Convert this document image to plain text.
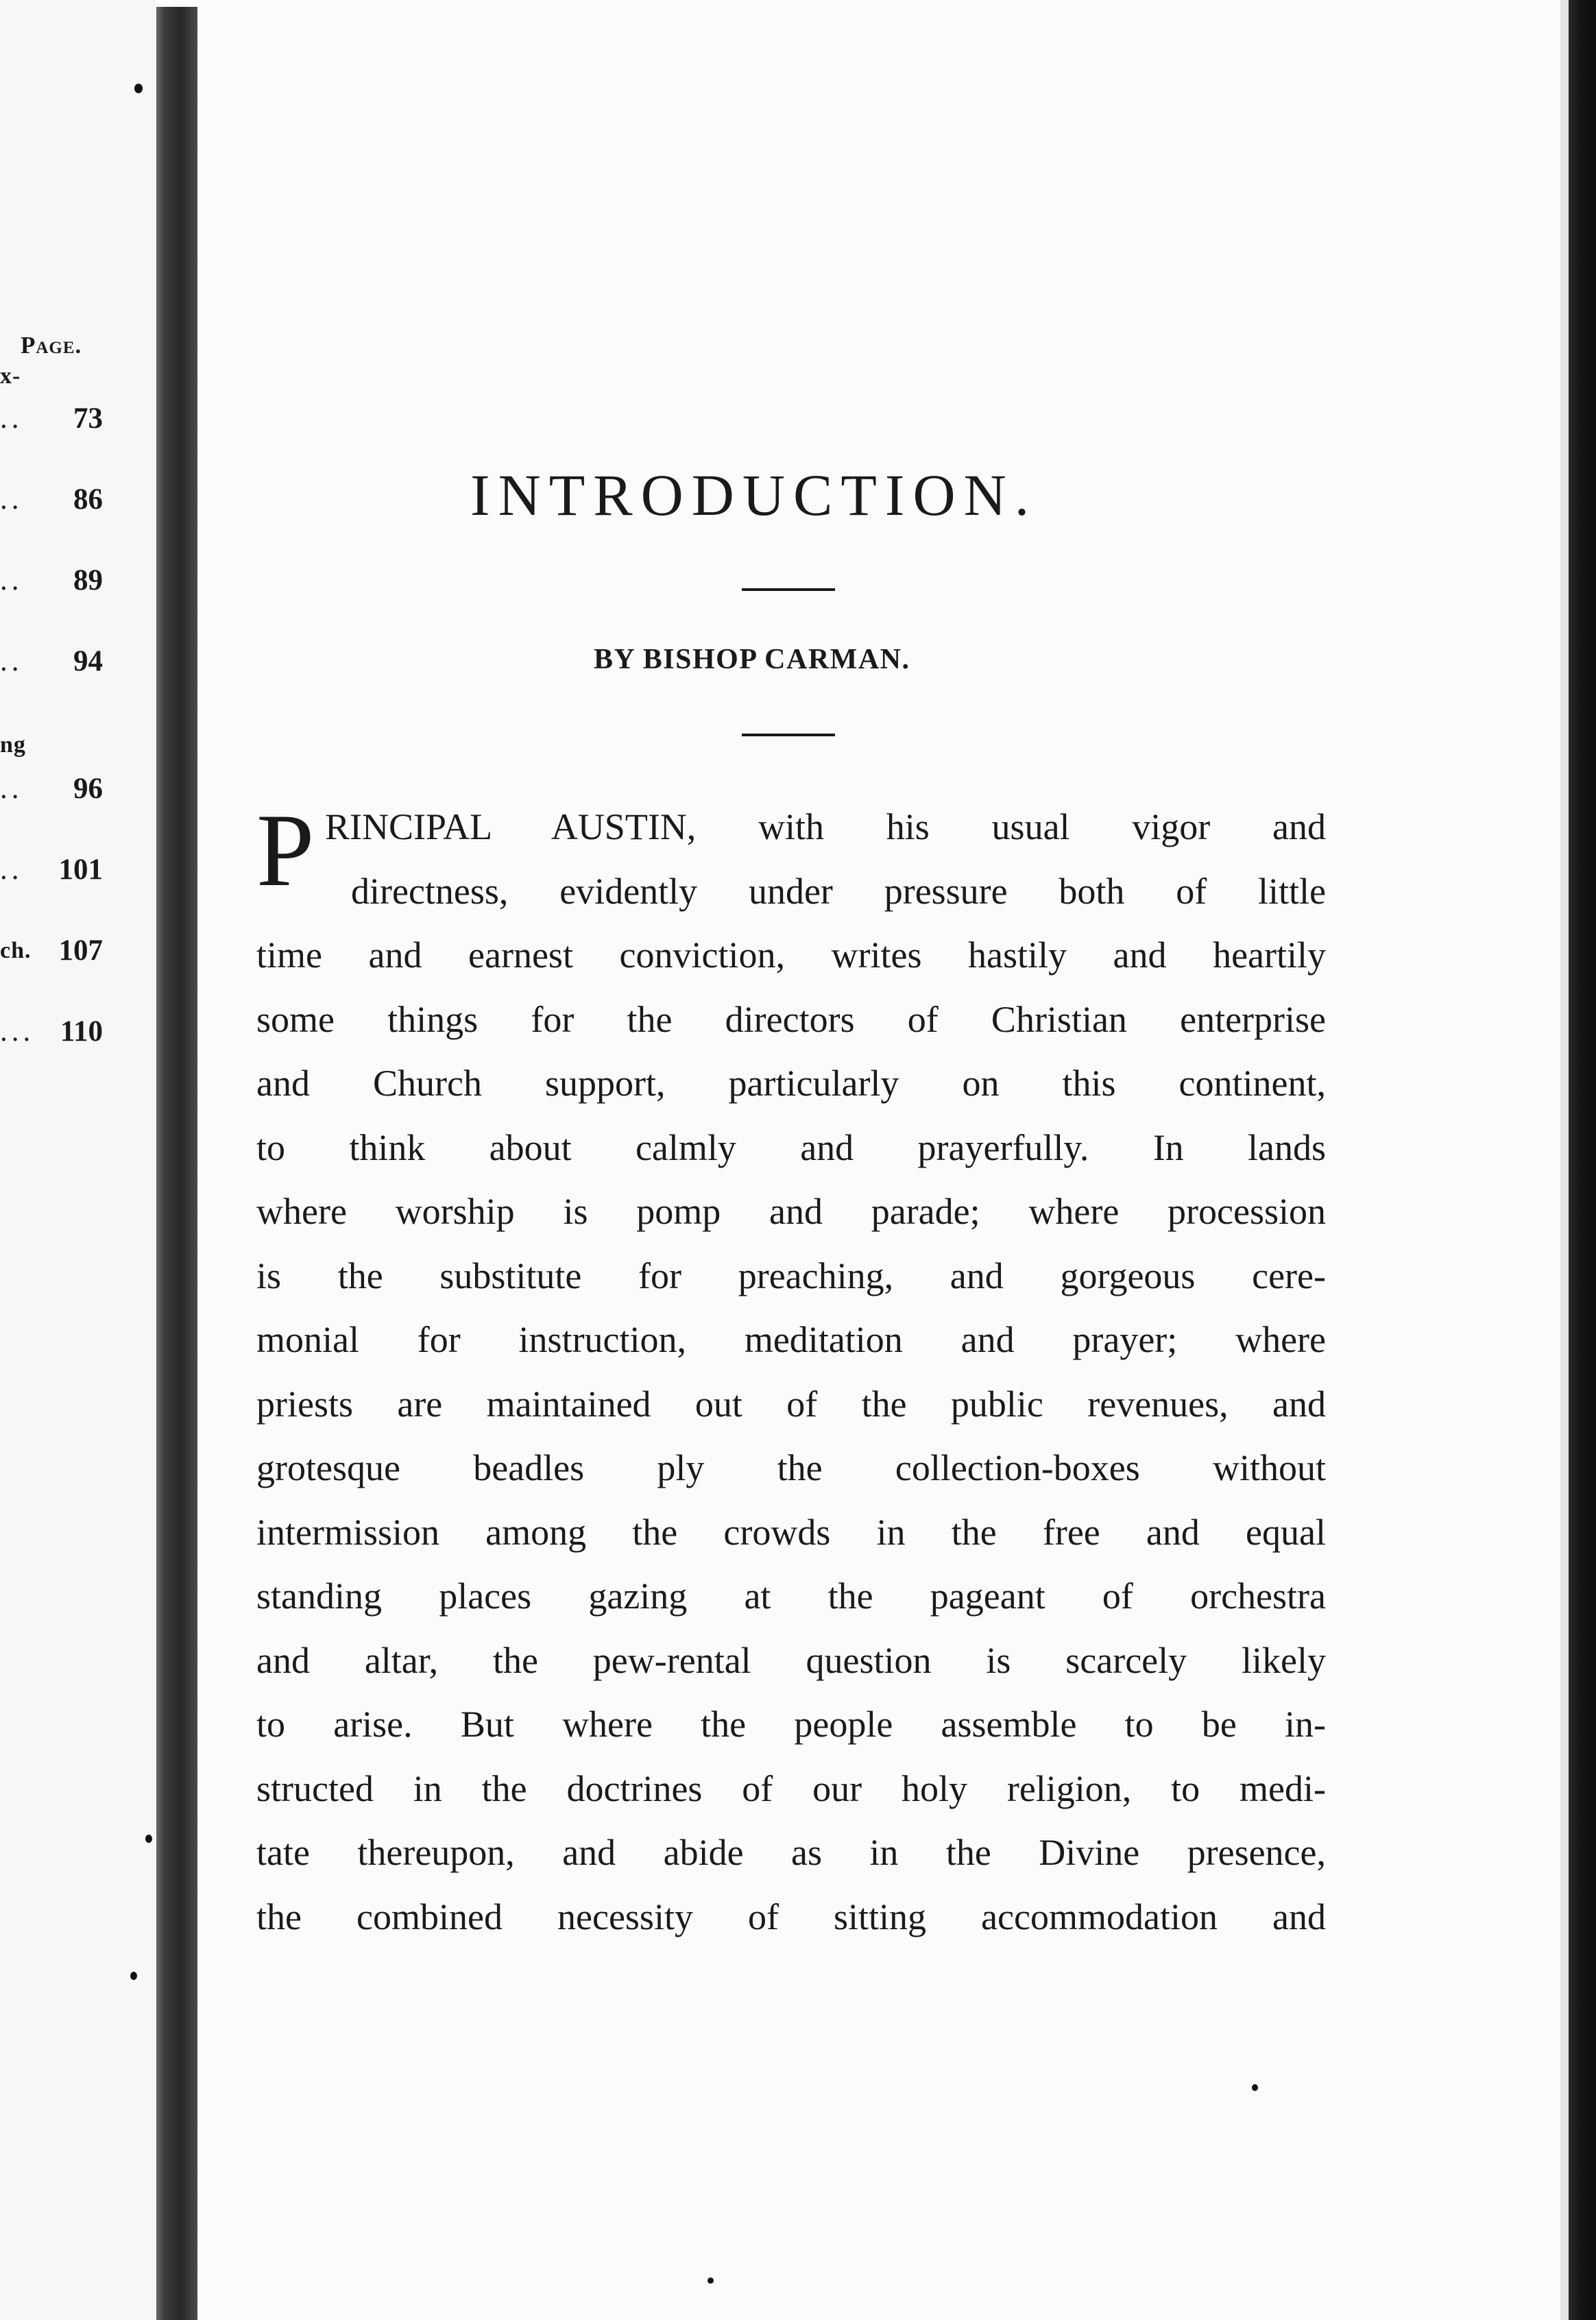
Page.
x-
ng
.. 73
.. 86
.. 89
.. 94
.. 96
.. 101
ch. 107
... 110
INTRODUCTION.
BY BISHOP CARMAN.
P RINCIPAL AUSTIN, with his usual vigor and
directness, evidently under pressure both of little
time and earnest conviction, writes hastily and heartily
some things for the directors of Christian enterprise
and Church support, particularly on this continent,
to think about calmly and prayerfully. In lands
where worship is pomp and parade; where procession
is the substitute for preaching, and gorgeous cere-
monial for instruction, meditation and prayer; where
priests are maintained out of the public revenues, and
grotesque beadles ply the collection-boxes without
intermission among the crowds in the free and equal
standing places gazing at the pageant of orchestra
and altar, the pew-rental question is scarcely likely
to arise. But where the people assemble to be in-
structed in the doctrines of our holy religion, to medi-
tate thereupon, and abide as in the Divine presence,
the combined necessity of sitting accommodation and
